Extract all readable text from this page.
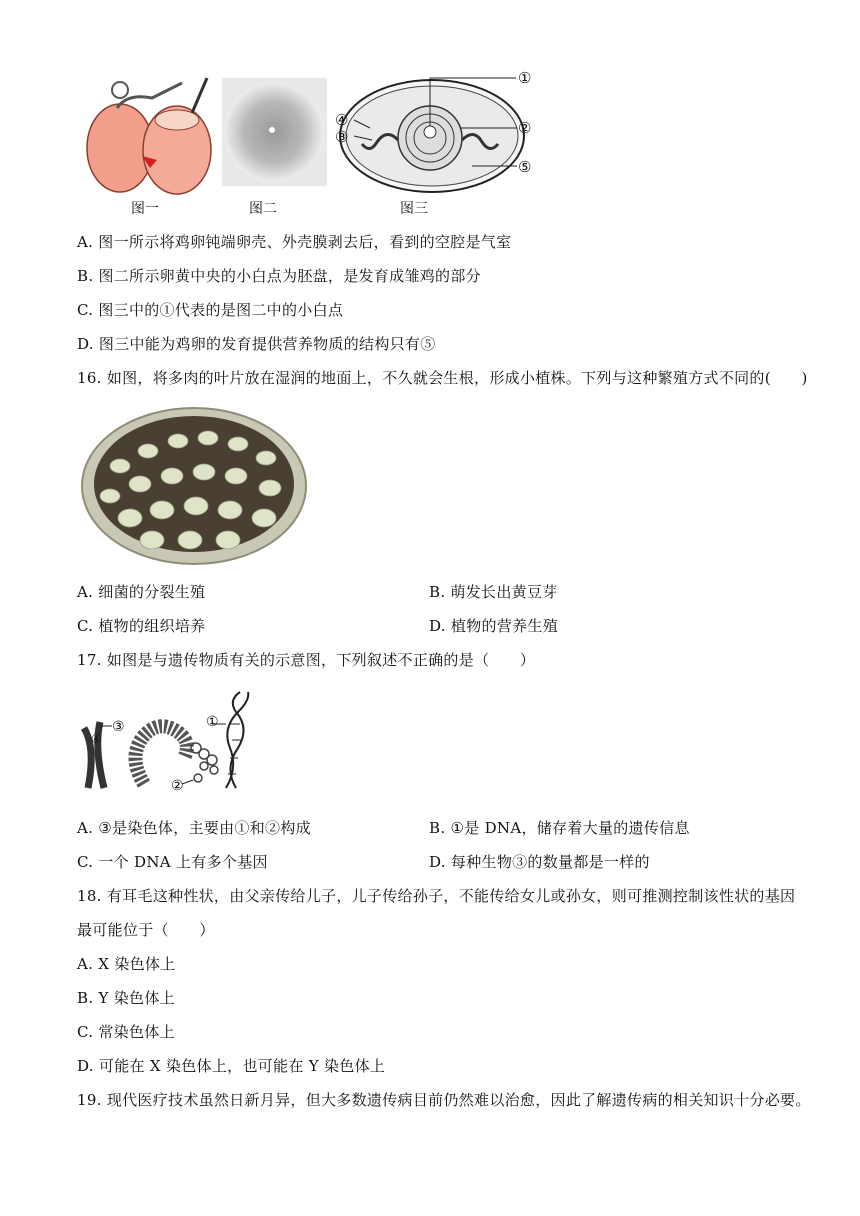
①
②
④
③
⑤
图一	图二	图三
A. 图一所示将鸡卵钝端卵壳、外壳膜剥去后，看到的空腔是气室
B. 图二所示卵黄中央的小白点为胚盘，是发育成雏鸡的部分
C. 图三中的①代表的是图二中的小白点
D. 图三中能为鸡卵的发育提供营养物质的结构只有⑤
16. 如图，将多肉的叶片放在湿润的地面上，不久就会生根，形成小植株。下列与这种繁殖方式不同的(　　)
A. 细菌的分裂生殖	B. 萌发长出黄豆芽
C. 植物的组织培养	D. 植物的营养生殖
17. 如图是与遗传物质有关的示意图，下列叙述不正确的是（　　）
③
④
①
②
A. ③是染色体，主要由①和②构成	B. ①是 DNA，储存着大量的遗传信息
C. 一个 DNA 上有多个基因	D. 每种生物③的数量都是一样的
18. 有耳毛这种性状，由父亲传给儿子，儿子传给孙子，不能传给女儿或孙女，则可推测控制该性状的基因
最可能位于（　　）
A. X 染色体上
B. Y 染色体上
C. 常染色体上
D. 可能在 X 染色体上，也可能在 Y 染色体上
19. 现代医疗技术虽然日新月异，但大多数遗传病目前仍然难以治愈，因此了解遗传病的相关知识十分必要。
